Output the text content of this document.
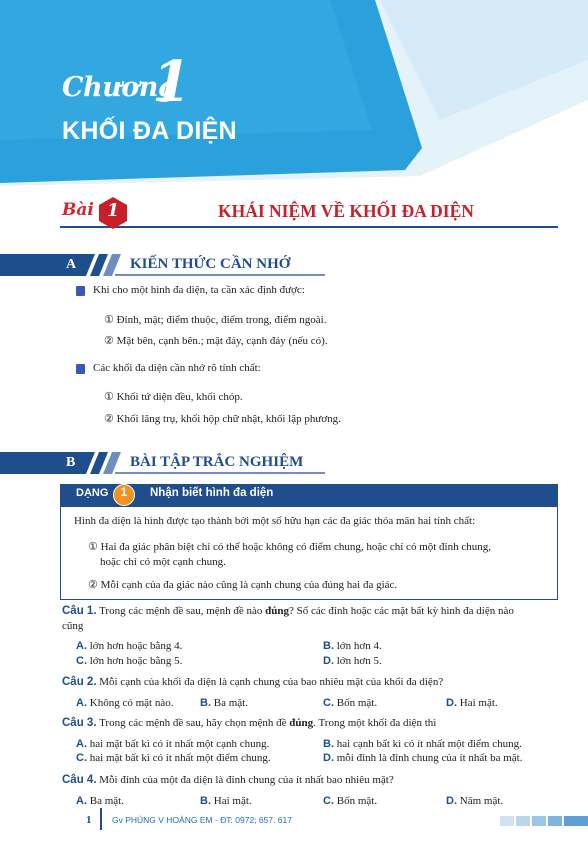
Chương
1
KHỐI ĐA DIỆN
Bài 1	KHÁI NIỆM VỀ KHỐI ĐA DIỆN
A	KIẾN THỨC CẦN NHỚ
Khi cho một hình đa diện, ta cần xác định được:
① Đỉnh, mặt; điểm thuộc, điểm trong, điểm ngoài.
② Mặt bên, cạnh bên.; mặt đáy, cạnh đáy (nếu có).
Các khối đa diện cần nhớ rõ tính chất:
① Khối tứ diện đều, khối chóp.
② Khối lăng trụ, khối hộp chữ nhật, khối lập phương.
B	BÀI TẬP TRẮC NGHIỆM
DẠNG	1	Nhận biết hình đa diện
Hình đa diện là hình được tạo thành bởi một số hữu hạn các đa giác thỏa mãn hai tính chất:
① Hai đa giác phân biệt chỉ có thể hoặc không có điểm chung, hoặc chỉ có một đỉnh chung,
hoặc chỉ có một cạnh chung.
② Mỗi cạnh của đa giác nào cũng là cạnh chung của đúng hai đa giác.
Câu 1. Trong các mệnh đề sau, mệnh đề nào đúng? Số các đỉnh hoặc các mặt bất kỳ hình đa diện nào
cũng
A. lớn hơn hoặc bằng 4.	B. lớn hơn 4.
C. lớn hơn hoặc bằng 5.	D. lớn hơn 5.
Câu 2. Mỗi cạnh của khối đa diện là cạnh chung của bao nhiêu mặt của khối đa diện?
A. Không có mặt nào. B. Ba mặt.	C. Bốn mặt.	D. Hai mặt.
Câu 3. Trong các mệnh đề sau, hãy chọn mệnh đề đúng. Trong một khối đa diện thì
A. hai mặt bất kì có ít nhất một cạnh chung.	B. hai cạnh bất kì có ít nhất một điểm chung.
C. hai mặt bất kì có ít nhất một điểm chung.	D. mỗi đỉnh là đỉnh chung của ít nhất ba mặt.
Câu 4. Mỗi đỉnh của một đa diện là đỉnh chung của ít nhất bao nhiêu mặt?
A. Ba mặt.	B. Hai mặt.	C. Bốn mặt.	D. Năm mặt.
1 Gv PHÙNG V HOÀNG EM - ĐT: 0972; 657. 617
